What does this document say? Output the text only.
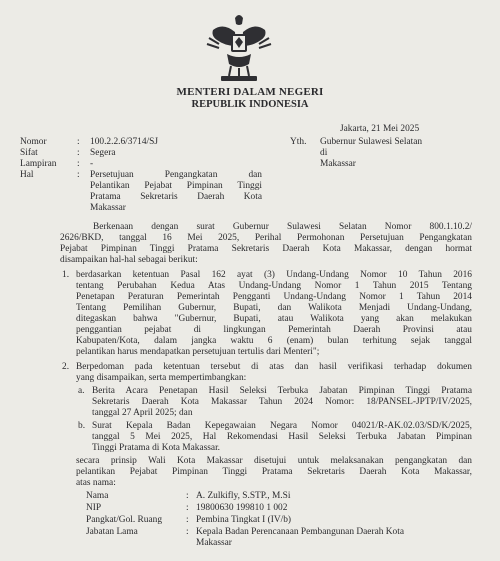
MENTERI DALAM NEGERI
REPUBLIK INDONESIA
Jakarta, 21 Mei 2025
Nomor	: 100.2.2.6/3714/SJ
Sifat	: Segera
Lampiran : -
Hal	: Persetujuan Pengangkatan dan
Pelantikan Pejabat Pimpinan Tinggi
Pratama Sekretaris Daerah Kota
Makassar
Yth. Gubernur Sulawesi Selatan
di
Makassar
Berkenaan dengan surat Gubernur Sulawesi Selatan Nomor 800.1.10.2/
2626/BKD, tanggal 16 Mei 2025, Perihal Permohonan Persetujuan Pengangkatan
Pejabat Pimpinan Tinggi Pratama Sekretaris Daerah Kota Makassar, dengan hormat
disampaikan hal-hal sebagai berikut:
1. berdasarkan ketentuan Pasal 162 ayat (3) Undang-Undang Nomor 10 Tahun 2016
tentang Perubahan Kedua Atas Undang-Undang Nomor 1 Tahun 2015 Tentang
Penetapan Peraturan Pemerintah Pengganti Undang-Undang Nomor 1 Tahun 2014
Tentang Pemilihan Gubernur, Bupati, dan Walikota Menjadi Undang-Undang,
ditegaskan bahwa "Gubernur, Bupati, atau Walikota yang akan melakukan
penggantian pejabat di lingkungan Pemerintah Daerah Provinsi atau
Kabupaten/Kota, dalam jangka waktu 6 (enam) bulan terhitung sejak tanggal
pelantikan harus mendapatkan persetujuan tertulis dari Menteri";
2. Berpedoman pada ketentuan tersebut di atas dan hasil verifikasi terhadap dokumen
yang disampaikan, serta mempertimbangkan:
a. Berita Acara Penetapan Hasil Seleksi Terbuka Jabatan Pimpinan Tinggi Pratama
Sekretaris Daerah Kota Makassar Tahun 2024 Nomor: 18/PANSEL-JPTP/IV/2025,
tanggal 27 April 2025; dan
b. Surat Kepala Badan Kepegawaian Negara Nomor 04021/R-AK.02.03/SD/K/2025,
tanggal 5 Mei 2025, Hal Rekomendasi Hasil Seleksi Terbuka Jabatan Pimpinan
Tinggi Pratama di Kota Makassar.
secara prinsip Wali Kota Makassar disetujui untuk melaksanakan pengangkatan dan
pelantikan Pejabat Pimpinan Tinggi Pratama Sekretaris Daerah Kota Makassar,
atas nama:
Nama	: A. Zulkifly, S.STP., M.Si
NIP	: 19800630 199810 1 002
Pangkat/Gol. Ruang	: Pembina Tingkat I (IV/b)
Jabatan Lama	: Kepala Badan Perencanaan Pembangunan Daerah Kota
Makassar
